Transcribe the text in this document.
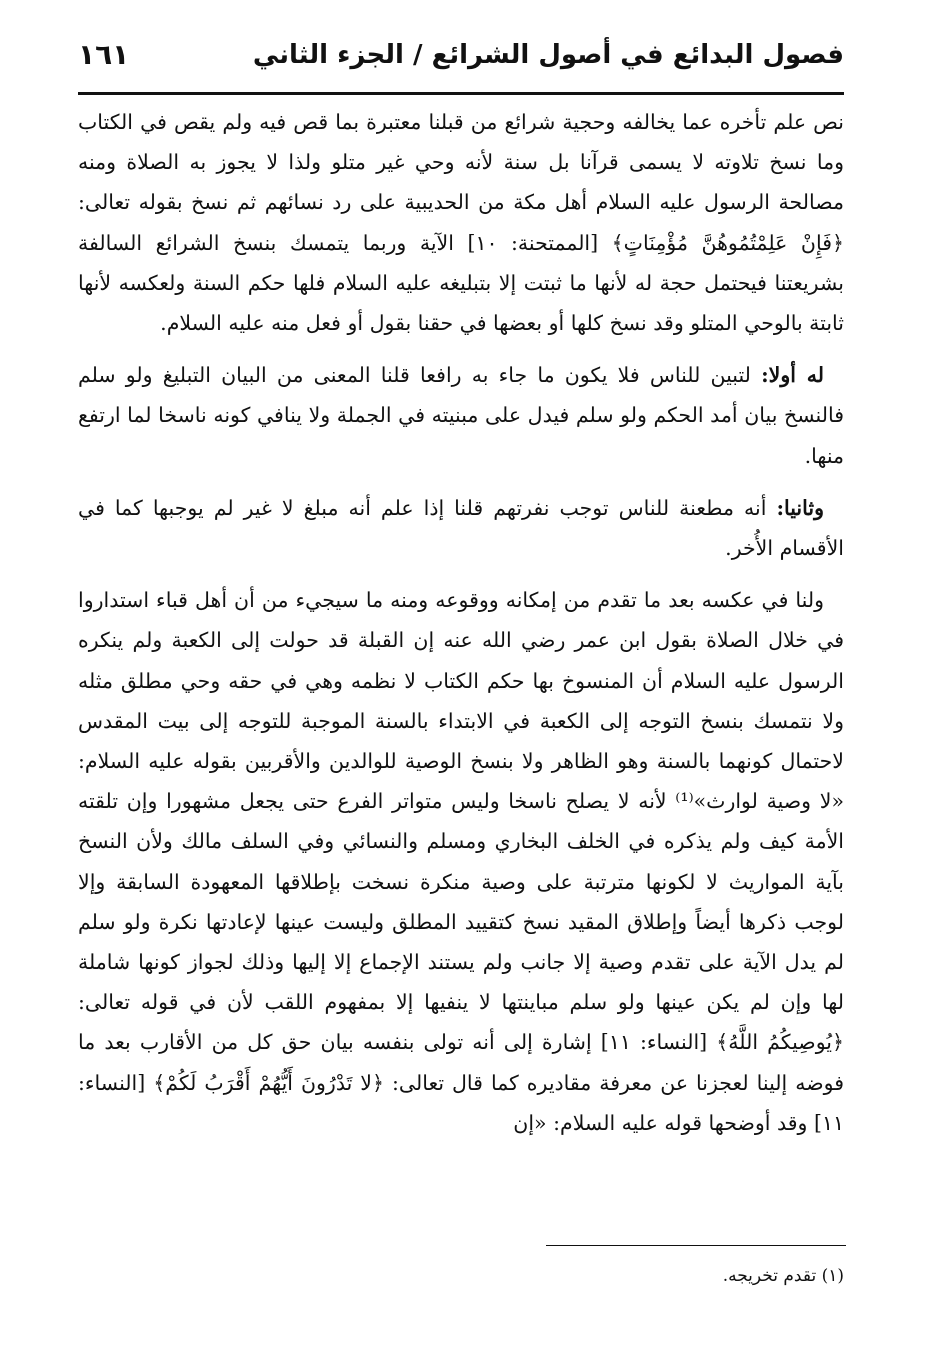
فصول البدائع في أصول الشرائع / الجزء الثاني
١٦١

نص علم تأخره عما يخالفه وحجية شرائع من قبلنا معتبرة بما قص فيه ولم يقص في الكتاب وما نسخ تلاوته لا يسمى قرآنا بل سنة لأنه وحي غير متلو ولذا لا يجوز به الصلاة ومنه مصالحة الرسول عليه السلام أهل مكة من الحديبية على رد نسائهم ثم نسخ بقوله تعالى: ﴿فَإِنْ عَلِمْتُمُوهُنَّ مُؤْمِنَاتٍ﴾ [الممتحنة: ١٠] الآية وربما يتمسك بنسخ الشرائع السالفة بشريعتنا فيحتمل حجة له لأنها ما ثبتت إلا بتبليغه عليه السلام فلها حكم السنة ولعكسه لأنها ثابتة بالوحي المتلو وقد نسخ كلها أو بعضها في حقنا بقول أو فعل منه عليه السلام.

له أولا: لتبين للناس فلا يكون ما جاء به رافعا قلنا المعنى من البيان التبليغ ولو سلم فالنسخ بيان أمد الحكم ولو سلم فيدل على مبنيته في الجملة ولا ينافي كونه ناسخا لما ارتفع منها.

وثانيا: أنه مطعنة للناس توجب نفرتهم قلنا إذا علم أنه مبلغ لا غير لم يوجبها كما في الأقسام الأُخر.

ولنا في عكسه بعد ما تقدم من إمكانه ووقوعه ومنه ما سيجيء من أن أهل قباء استداروا في خلال الصلاة بقول ابن عمر رضي الله عنه إن القبلة قد حولت إلى الكعبة ولم ينكره الرسول عليه السلام أن المنسوخ بها حكم الكتاب لا نظمه وهي في حقه وحي مطلق مثله ولا نتمسك بنسخ التوجه إلى الكعبة في الابتداء بالسنة الموجبة للتوجه إلى بيت المقدس لاحتمال كونهما بالسنة وهو الظاهر ولا بنسخ الوصية للوالدين والأقربين بقوله عليه السلام: «لا وصية لوارث»⁽¹⁾ لأنه لا يصلح ناسخا وليس متواتر الفرع حتى يجعل مشهورا وإن تلقته الأمة كيف ولم يذكره في الخلف البخاري ومسلم والنسائي وفي السلف مالك ولأن النسخ بآية المواريث لا لكونها مترتبة على وصية منكرة نسخت بإطلاقها المعهودة السابقة وإلا لوجب ذكرها أيضاً وإطلاق المقيد نسخ كتقييد المطلق وليست عينها لإعادتها نكرة ولو سلم لم يدل الآية على تقدم وصية إلا جانب ولم يستند الإجماع إلا إليها وذلك لجواز كونها شاملة لها وإن لم يكن عينها ولو سلم مباينتها لا ينفيها إلا بمفهوم اللقب لأن في قوله تعالى: ﴿يُوصِيكُمُ اللَّهُ﴾ [النساء: ١١] إشارة إلى أنه تولى بنفسه بيان حق كل من الأقارب بعد ما فوضه إلينا لعجزنا عن معرفة مقاديره كما قال تعالى: ﴿لا تَدْرُونَ أَيُّهُمْ أَقْرَبُ لَكُمْ﴾ [النساء: ١١] وقد أوضحها قوله عليه السلام: «إن

(١) تقدم تخريجه.
